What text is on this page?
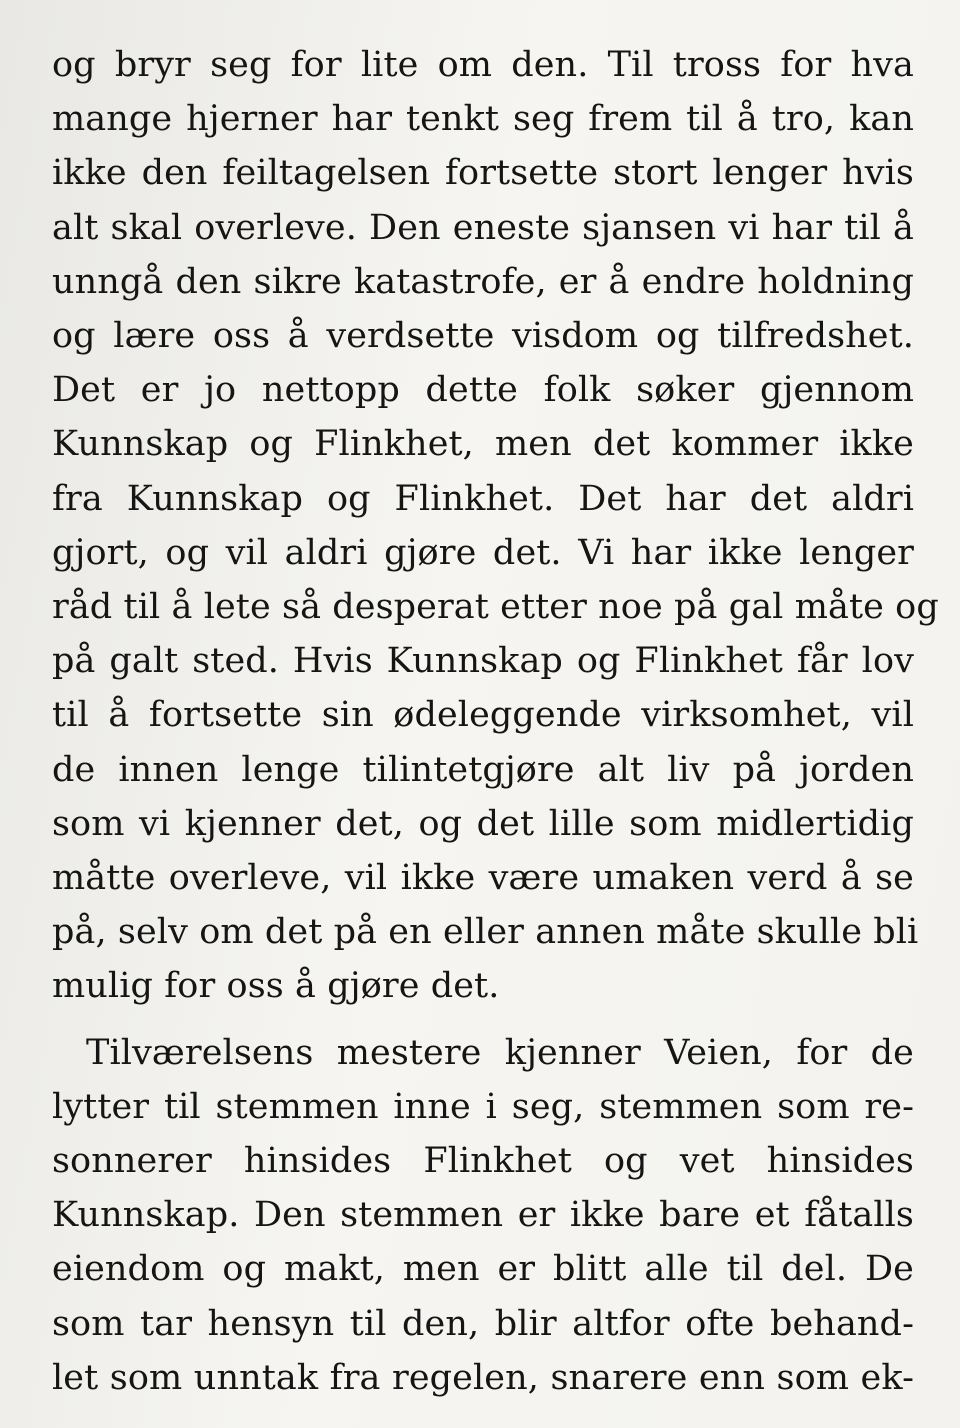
og bryr seg for lite om den. Til tross for hva
mange hjerner har tenkt seg frem til å tro, kan
ikke den feiltagelsen fortsette stort lenger hvis
alt skal overleve. Den eneste sjansen vi har til å
unngå den sikre katastrofe, er å endre holdning
og lære oss å verdsette visdom og tilfredshet.
Det er jo nettopp dette folk søker gjennom
Kunnskap og Flinkhet, men det kommer ikke
fra Kunnskap og Flinkhet. Det har det aldri
gjort, og vil aldri gjøre det. Vi har ikke lenger
råd til å lete så desperat etter noe på gal måte og
på galt sted. Hvis Kunnskap og Flinkhet får lov
til å fortsette sin ødeleggende virksomhet, vil
de innen lenge tilintetgjøre alt liv på jorden
som vi kjenner det, og det lille som midlertidig
måtte overleve, vil ikke være umaken verd å se
på, selv om det på en eller annen måte skulle bli
mulig for oss å gjøre det.
Tilværelsens mestere kjenner Veien, for de
lytter til stemmen inne i seg, stemmen som re-
sonnerer hinsides Flinkhet og vet hinsides
Kunnskap. Den stemmen er ikke bare et fåtalls
eiendom og makt, men er blitt alle til del. De
som tar hensyn til den, blir altfor ofte behand-
let som unntak fra regelen, snarere enn som ek-
